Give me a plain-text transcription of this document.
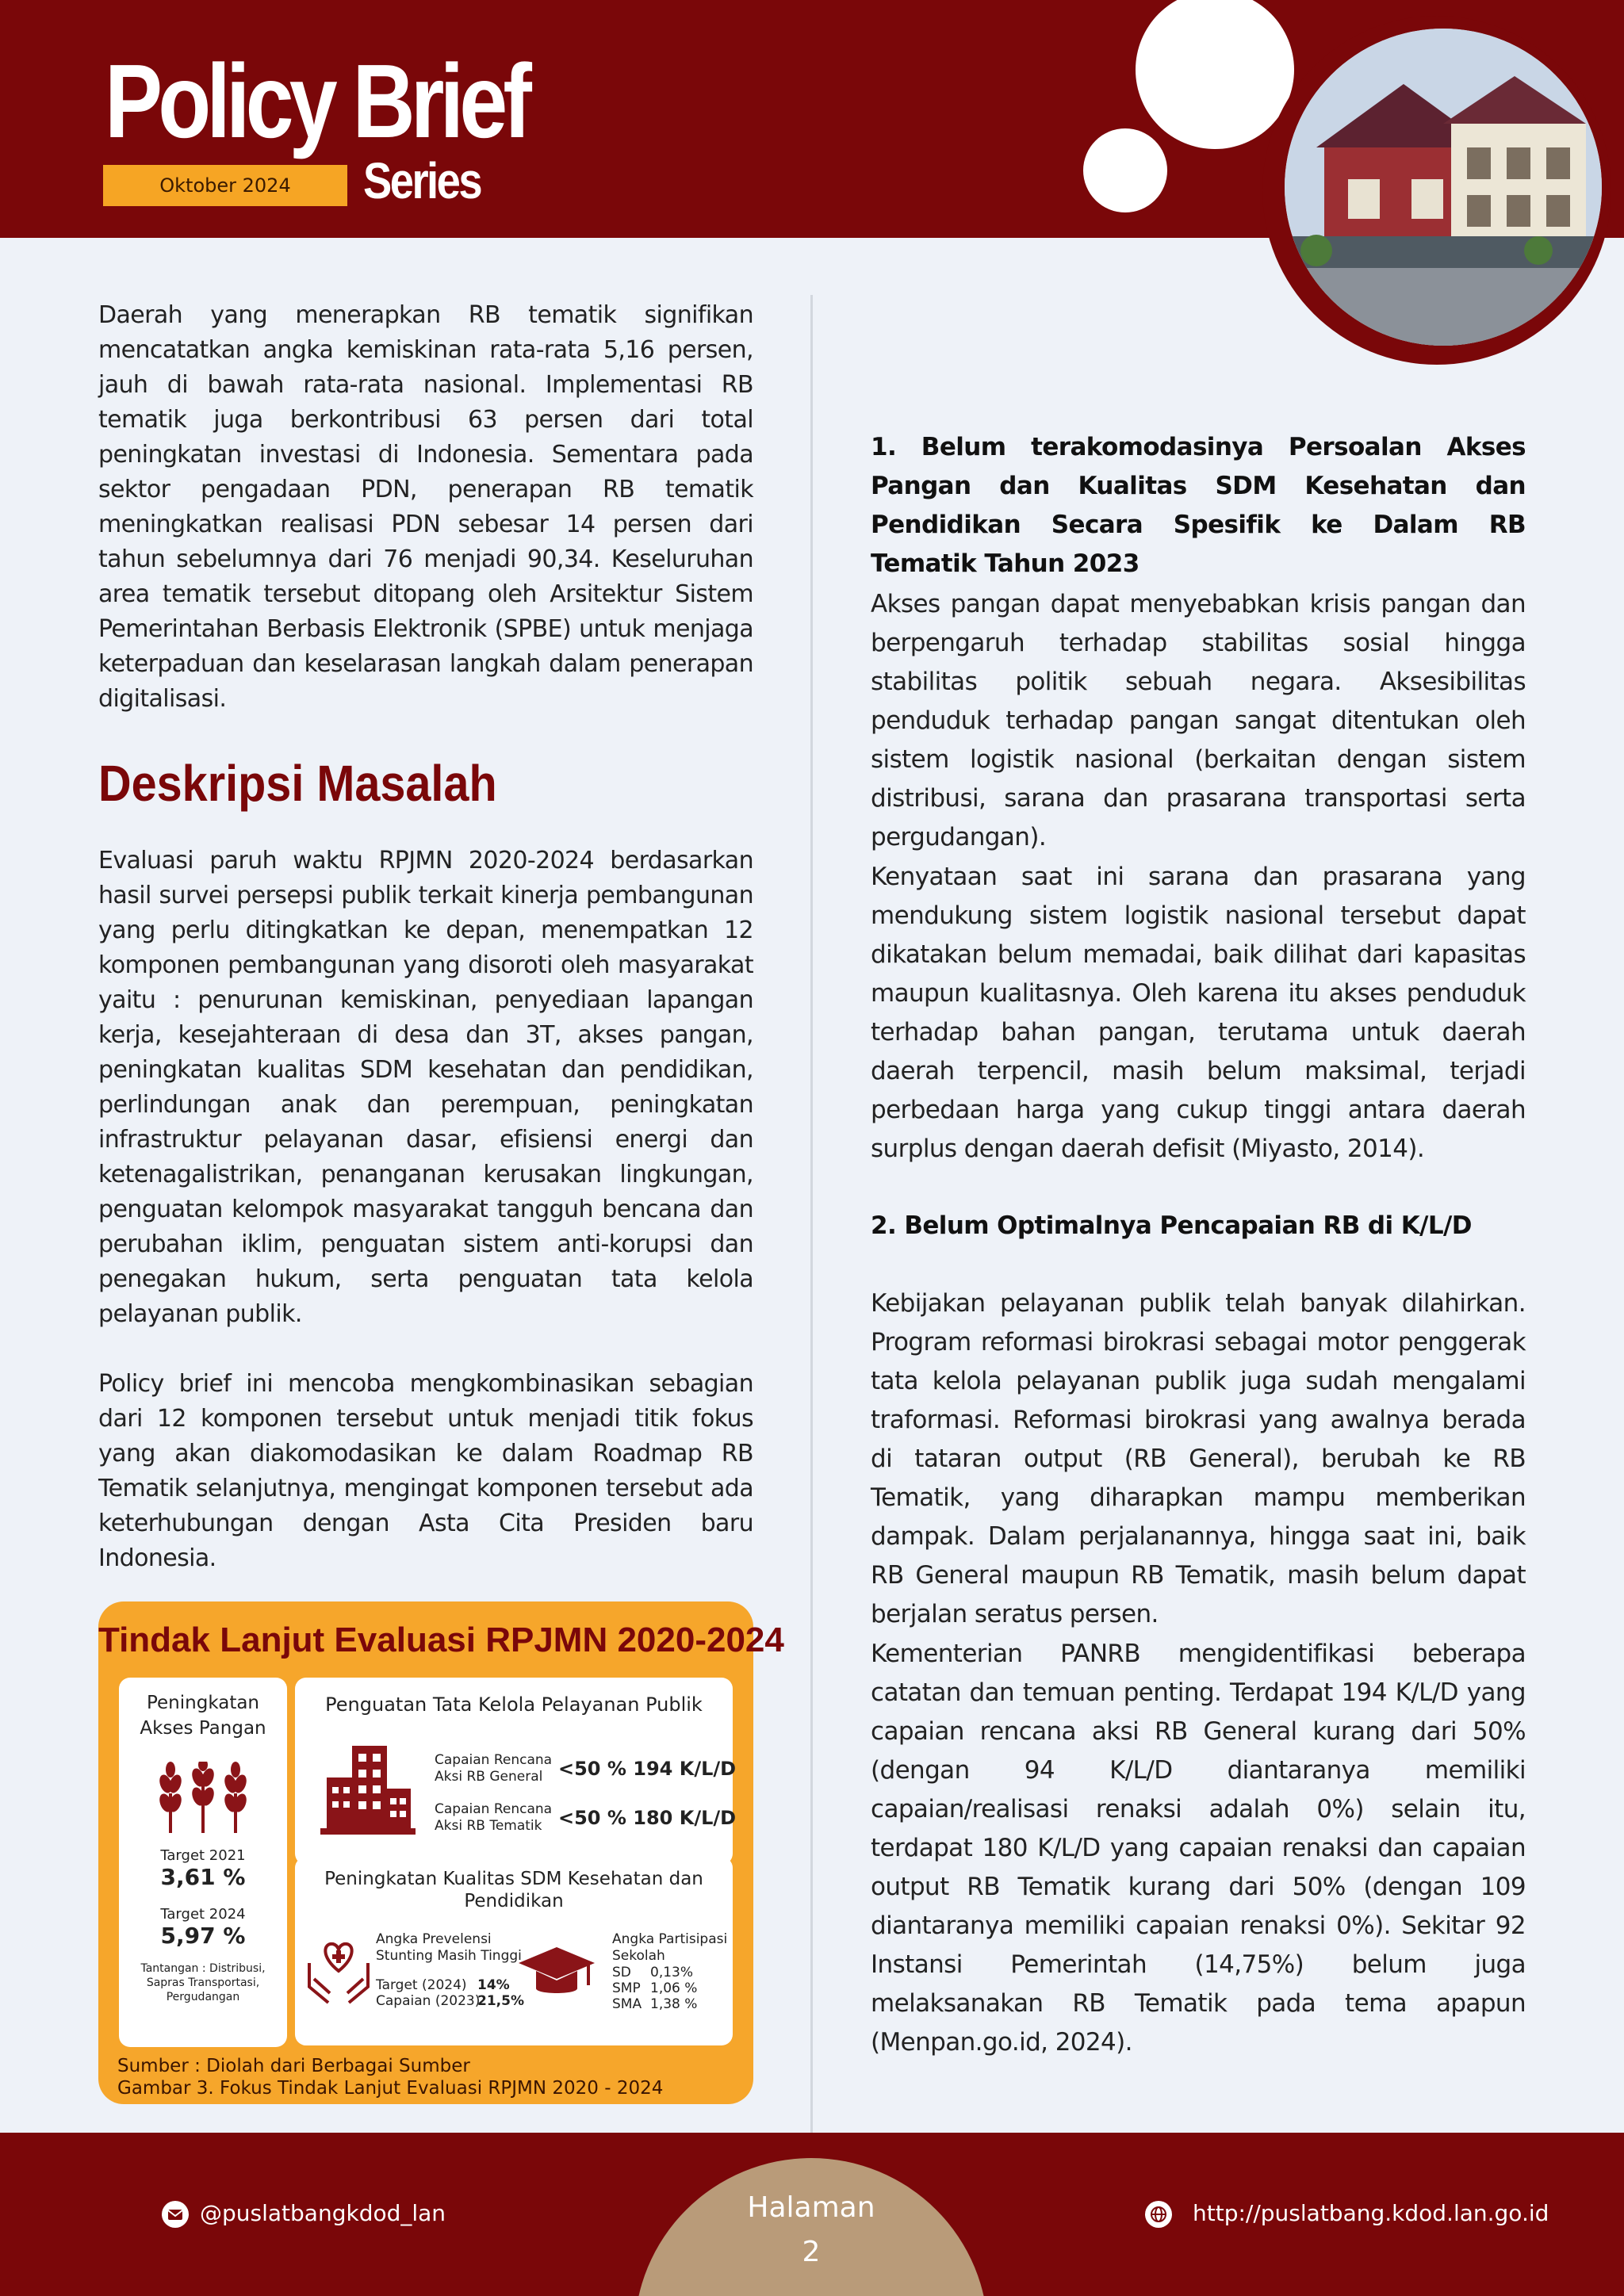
Policy Brief
Series
Oktober 2024
Daerah yang menerapkan RB tematik signifikan mencatatkan angka kemiskinan rata-rata 5,16 persen, jauh di bawah rata-rata nasional. Implementasi RB tematik juga berkontribusi 63 persen dari total peningkatan investasi di Indonesia. Sementara pada sektor pengadaan PDN, penerapan RB tematik meningkatkan realisasi PDN sebesar 14 persen dari tahun sebelumnya dari 76 menjadi 90,34. Keseluruhan area tematik tersebut ditopang oleh Arsitektur Sistem Pemerintahan Berbasis Elektronik (SPBE) untuk menjaga keterpaduan dan keselarasan langkah dalam penerapan digitalisasi.
Deskripsi Masalah
Evaluasi paruh waktu RPJMN 2020-2024 berdasarkan hasil survei persepsi publik terkait kinerja pembangunan yang perlu ditingkatkan ke depan, menempatkan 12 komponen pembangunan yang disoroti oleh masyarakat yaitu : penurunan kemiskinan, penyediaan lapangan kerja, kesejahteraan di desa dan 3T, akses pangan, peningkatan kualitas SDM kesehatan dan pendidikan, perlindungan anak dan perempuan, peningkatan infrastruktur pelayanan dasar, efisiensi energi dan ketenagalistrikan, penanganan kerusakan lingkungan, penguatan kelompok masyarakat tangguh bencana dan perubahan iklim, penguatan sistem anti-korupsi dan penegakan hukum, serta penguatan tata kelola pelayanan publik.
Policy brief ini mencoba mengkombinasikan sebagian dari 12 komponen tersebut untuk menjadi titik fokus yang akan diakomodasikan ke dalam Roadmap RB Tematik selanjutnya, mengingat komponen tersebut ada keterhubungan dengan Asta Cita Presiden baru Indonesia.
Tindak Lanjut Evaluasi RPJMN 2020-2024
Peningkatan Akses Pangan
Target 2021
3,61 %
Target 2024
5,97 %
Tantangan : Distribusi, Sapras Transportasi, Pergudangan
Penguatan Tata Kelola Pelayanan Publik
Capaian Rencana Aksi RB General <50 % 194 K/L/D
Capaian Rencana Aksi RB Tematik <50 % 180 K/L/D
Peningkatan Kualitas SDM Kesehatan dan Pendidikan
Angka Prevelensi Stunting Masih Tinggi
Target (2024) 14%
Capaian (2023)
21,5%
Angka Partisipasi Sekolah
SD 0,13%
SMP 1,06 %
SMA 1,38 %
Sumber : Diolah dari Berbagai Sumber
Gambar 3. Fokus Tindak Lanjut Evaluasi RPJMN 2020 - 2024
1. Belum terakomodasinya Persoalan Akses Pangan dan Kualitas SDM Kesehatan dan Pendidikan Secara Spesifik ke Dalam RB Tematik Tahun 2023
Akses pangan dapat menyebabkan krisis pangan dan berpengaruh terhadap stabilitas sosial hingga stabilitas politik sebuah negara. Aksesibilitas penduduk terhadap pangan sangat ditentukan oleh sistem logistik nasional (berkaitan dengan sistem distribusi, sarana dan prasarana transportasi serta pergudangan).
Kenyataan saat ini sarana dan prasarana yang mendukung sistem logistik nasional tersebut dapat dikatakan belum memadai, baik dilihat dari kapasitas maupun kualitasnya. Oleh karena itu akses penduduk terhadap bahan pangan, terutama untuk daerah daerah terpencil, masih belum maksimal, terjadi perbedaan harga yang cukup tinggi antara daerah surplus dengan daerah defisit (Miyasto, 2014).
2. Belum Optimalnya Pencapaian RB di K/L/D
Kebijakan pelayanan publik telah banyak dilahirkan. Program reformasi birokrasi sebagai motor penggerak tata kelola pelayanan publik juga sudah mengalami traformasi. Reformasi birokrasi yang awalnya berada di tataran output (RB General), berubah ke RB Tematik, yang diharapkan mampu memberikan dampak. Dalam perjalanannya, hingga saat ini, baik RB General maupun RB Tematik, masih belum dapat berjalan seratus persen.
Kementerian PANRB mengidentifikasi beberapa catatan dan temuan penting. Terdapat 194 K/L/D yang capaian rencana aksi RB General kurang dari 50% (dengan 94 K/L/D diantaranya memiliki capaian/realisasi renaksi adalah 0%) selain itu, terdapat 180 K/L/D yang capaian renaksi dan capaian output RB Tematik kurang dari 50% (dengan 109 diantaranya memiliki capaian renaksi 0%). Sekitar 92 Instansi Pemerintah (14,75%) belum juga melaksanakan RB Tematik pada tema apapun (Menpan.go.id, 2024).
Halaman
2
@puslatbangkdod_lan	http://puslatbang.kdod.lan.go.id
